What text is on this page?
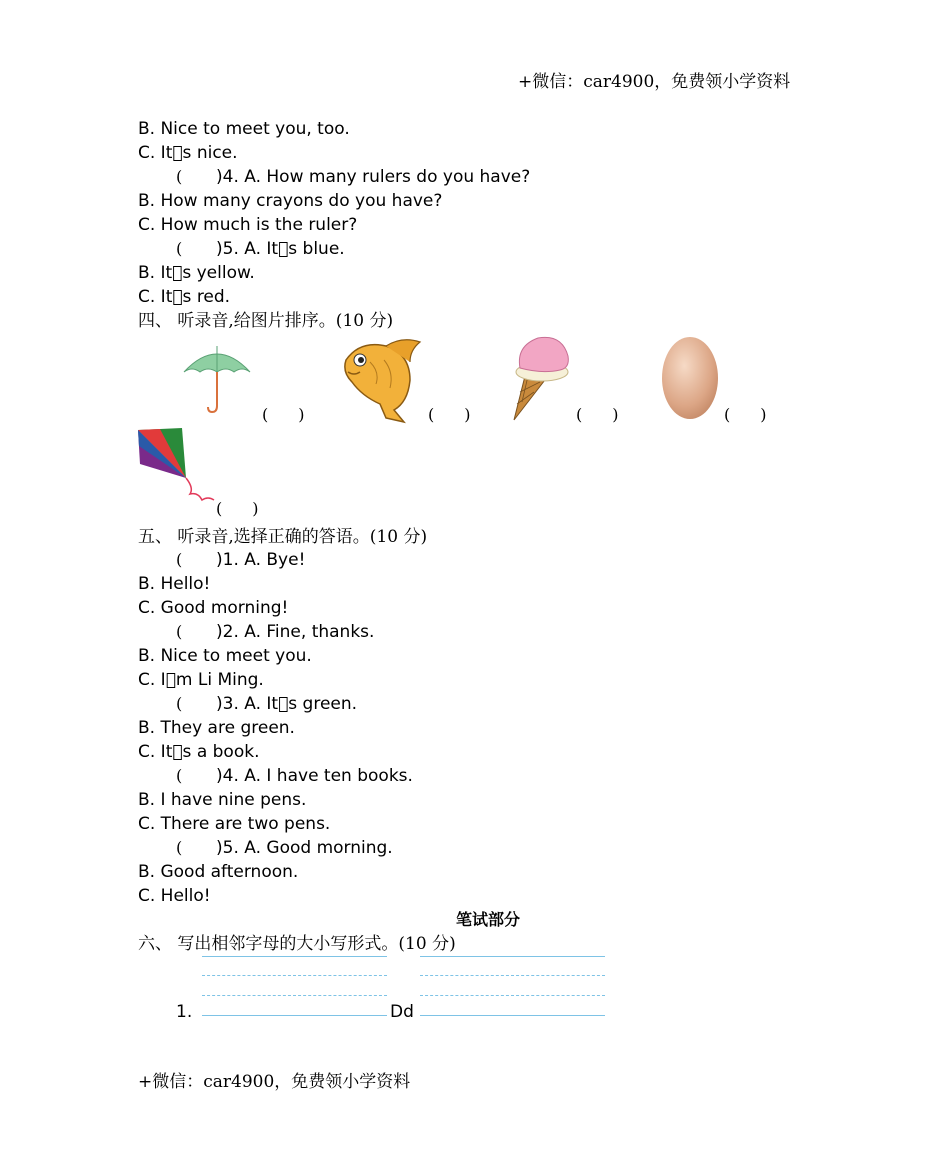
+微信：car4900，免费领小学资料
B. Nice to meet you, too.
C. It s nice.
( )4. A. How many rulers do you have?
B. How many crayons do you have?
C. How much is the ruler?
( )5. A. It s blue.
B. It s yellow.
C. It s red.
四、 听录音,给图片排序。(10 分)
( )	( )	( )	( )
( )
五、 听录音,选择正确的答语。(10 分)
( )1. A. Bye!
B. Hello!
C. Good morning!
( )2. A. Fine, thanks.
B. Nice to meet you.
C. I m Li Ming.
( )3. A. It s green.
B. They are green.
C. It s a book.
( )4. A. I have ten books.
B. I have nine pens.
C. There are two pens.
( )5. A. Good morning.
B. Good afternoon.
C. Hello!
笔试部分
六、 写出相邻字母的大小写形式。(10 分)
1.	Dd
+微信：car4900，免费领小学资料
